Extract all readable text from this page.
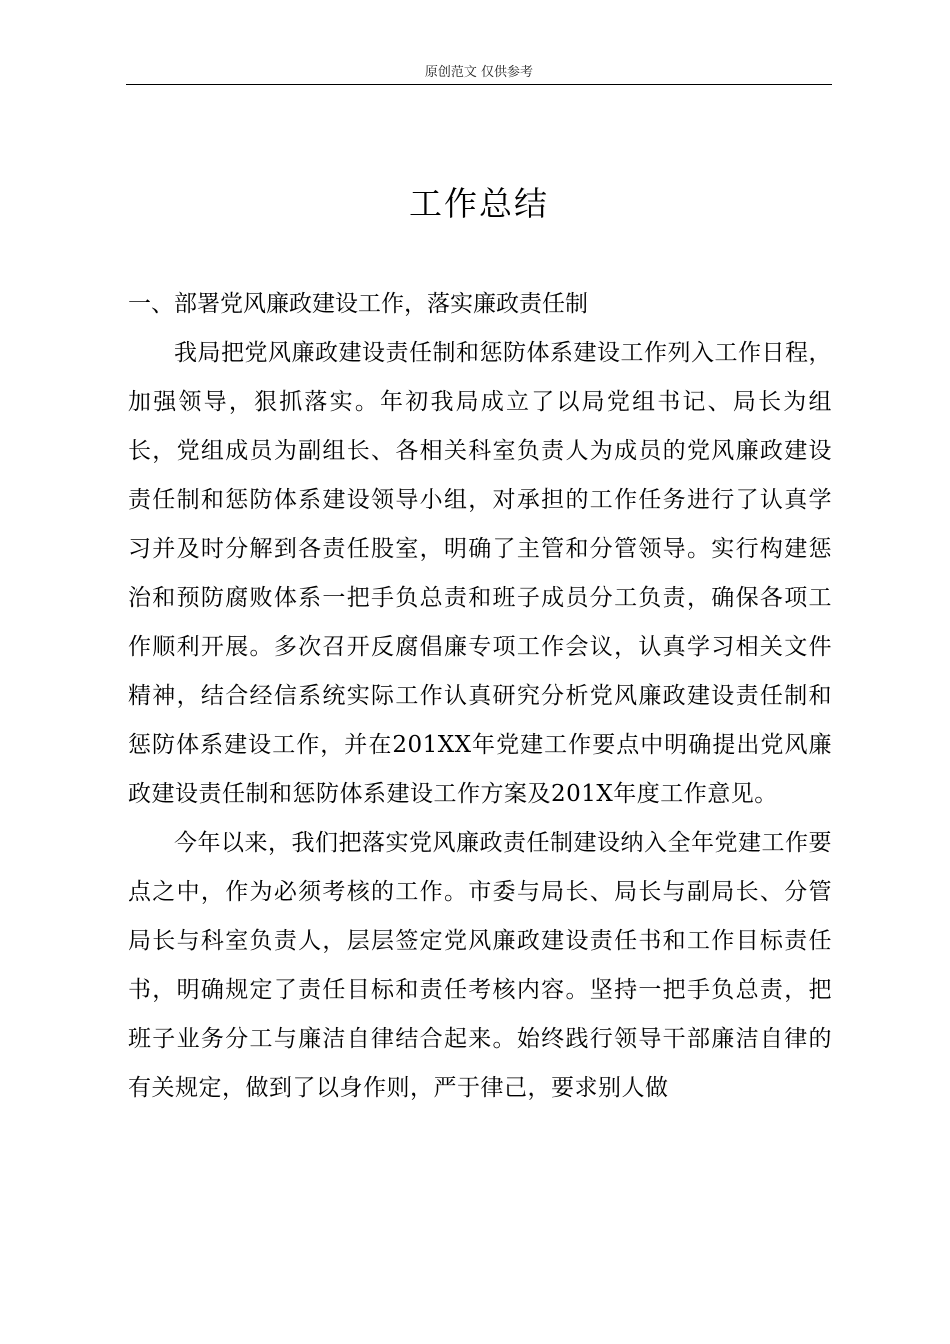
原创范文 仅供参考
工作总结

一、部署党风廉政建设工作，落实廉政责任制

我局把党风廉政建设责任制和惩防体系建设工作列入工作日程，加强领导，狠抓落实。年初我局成立了以局党组书记、局长为组长，党组成员为副组长、各相关科室负责人为成员的党风廉政建设责任制和惩防体系建设领导小组，对承担的工作任务进行了认真学习并及时分解到各责任股室，明确了主管和分管领导。实行构建惩治和预防腐败体系一把手负总责和班子成员分工负责，确保各项工作顺利开展。多次召开反腐倡廉专项工作会议，认真学习相关文件精神，结合经信系统实际工作认真研究分析党风廉政建设责任制和惩防体系建设工作，并在201XX年党建工作要点中明确提出党风廉政建设责任制和惩防体系建设工作方案及201X年度工作意见。

今年以来，我们把落实党风廉政责任制建设纳入全年党建工作要点之中，作为必须考核的工作。市委与局长、局长与副局长、分管局长与科室负责人，层层签定党风廉政建设责任书和工作目标责任书，明确规定了责任目标和责任考核内容。坚持一把手负总责，把班子业务分工与廉洁自律结合起来。始终践行领导干部廉洁自律的有关规定，做到了以身作则，严于律己，要求别人做
